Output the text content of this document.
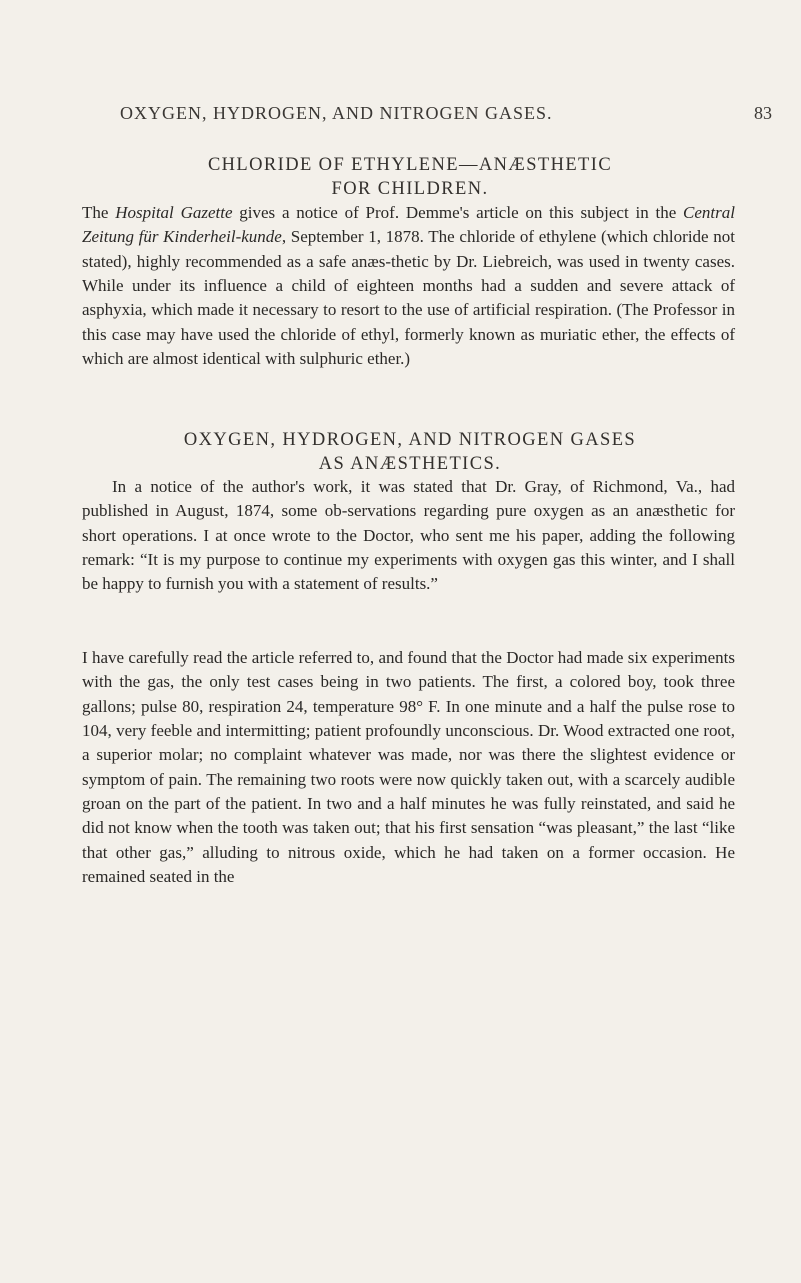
OXYGEN, HYDROGEN, AND NITROGEN GASES.	83
CHLORIDE OF ETHYLENE—ANÆSTHETIC
FOR CHILDREN.

The Hospital Gazette gives a notice of Prof. Demme's article on this subject in the Central Zeitung für Kinderheil-kunde, September 1, 1878. The chloride of ethylene (which chloride not stated), highly recommended as a safe anæs-thetic by Dr. Liebreich, was used in twenty cases. While under its influence a child of eighteen months had a sudden and severe attack of asphyxia, which made it necessary to resort to the use of artificial respiration. (The Professor in this case may have used the chloride of ethyl, formerly known as muriatic ether, the effects of which are almost identical with sulphuric ether.)

OXYGEN, HYDROGEN, AND NITROGEN GASES
AS ANÆSTHETICS.

In a notice of the author's work, it was stated that Dr. Gray, of Richmond, Va., had published in August, 1874, some ob-servations regarding pure oxygen as an anæsthetic for short operations. I at once wrote to the Doctor, who sent me his paper, adding the following remark: “It is my purpose to continue my experiments with oxygen gas this winter, and I shall be happy to furnish you with a statement of results.”

I have carefully read the article referred to, and found that the Doctor had made six experiments with the gas, the only test cases being in two patients. The first, a colored boy, took three gallons; pulse 80, respiration 24, temperature 98° F. In one minute and a half the pulse rose to 104, very feeble and intermitting; patient profoundly unconscious. Dr. Wood extracted one root, a superior molar; no complaint whatever was made, nor was there the slightest evidence or symptom of pain. The remaining two roots were now quickly taken out, with a scarcely audible groan on the part of the patient. In two and a half minutes he was fully reinstated, and said he did not know when the tooth was taken out; that his first sensation “was pleasant,” the last “like that other gas,” alluding to nitrous oxide, which he had taken on a former occasion. He remained seated in the
